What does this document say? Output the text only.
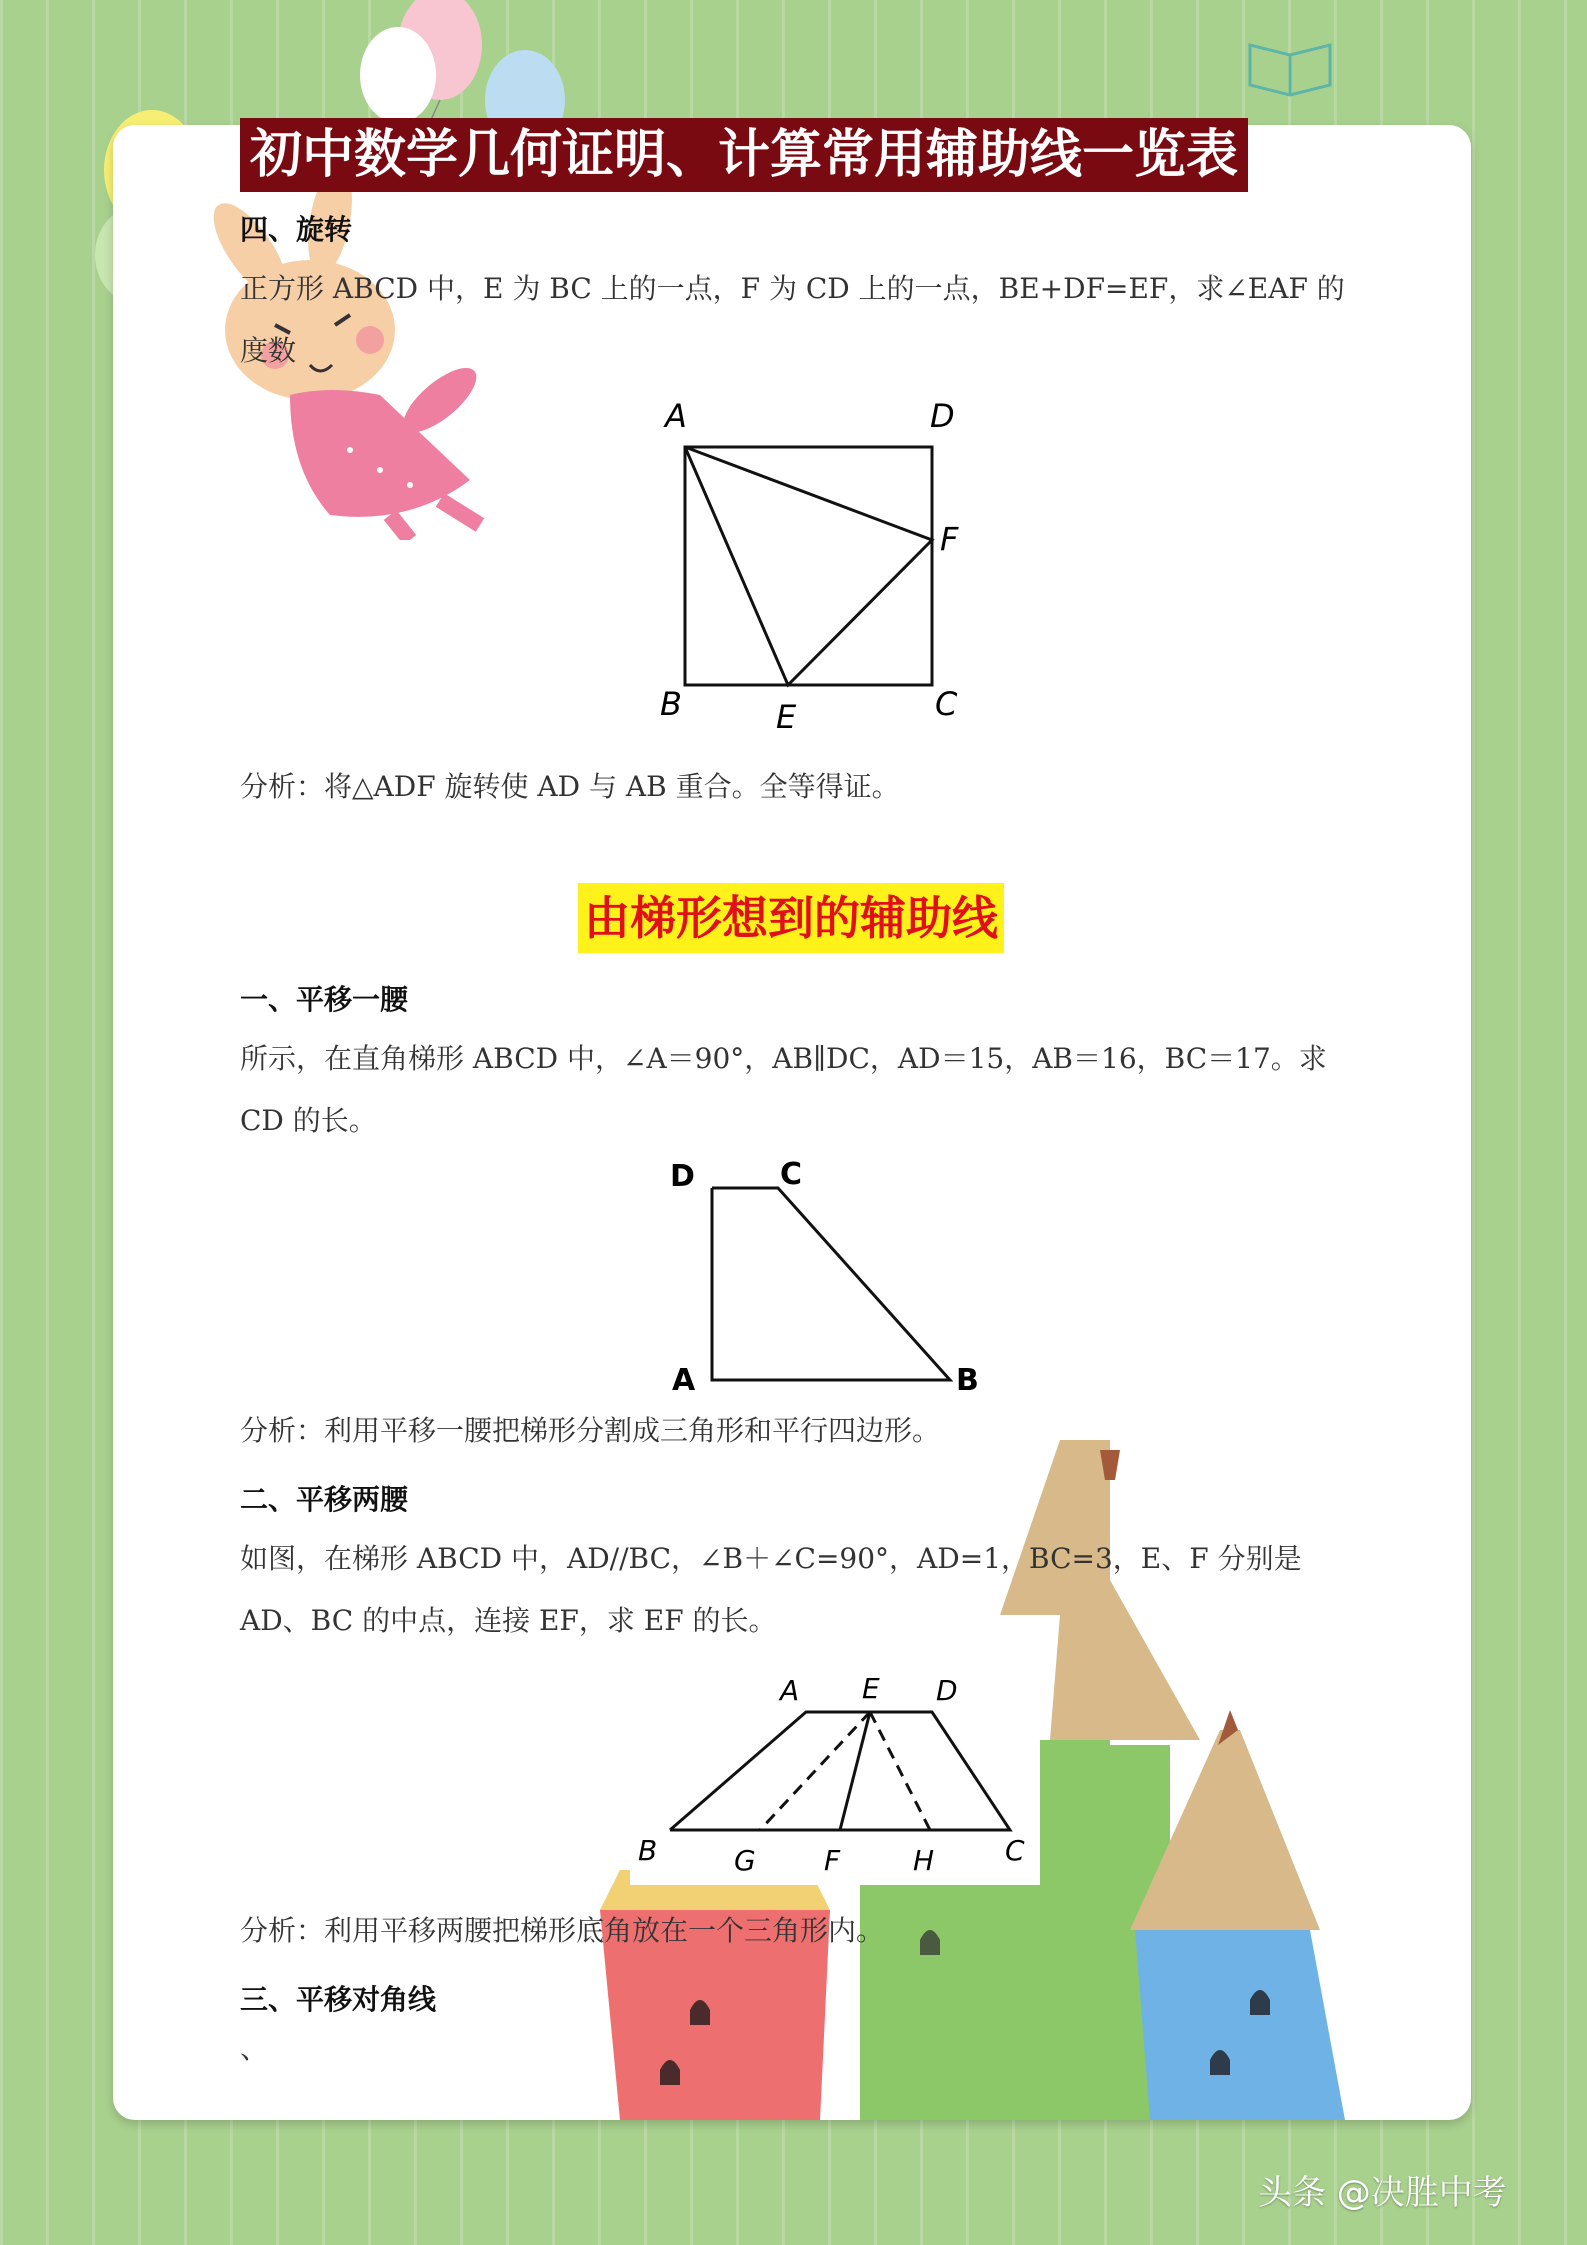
初中数学几何证明、计算常用辅助线一览表
四、旋转
正方形 ABCD 中，E 为 BC 上的一点，F 为 CD 上的一点，BE+DF=EF，求∠EAF 的度数
A	D
F
B	E	C
分析：将△ADF 旋转使 AD 与 AB 重合。全等得证。
由梯形想到的辅助线
一、平移一腰
所示，在直角梯形 ABCD 中，∠A＝90°，AB∥DC，AD＝15，AB＝16，BC＝17。求 CD 的长。
D	C
A	B
分析：利用平移一腰把梯形分割成三角形和平行四边形。
二、平移两腰
如图，在梯形 ABCD 中，AD//BC，∠B＋∠C=90°，AD=1，BC=3，E、F 分别是 AD、BC 的中点，连接 EF，求 EF 的长。
A E D
B	G F	H	C
分析：利用平移两腰把梯形底角放在一个三角形内。
三、平移对角线
、
头条 @决胜中考
